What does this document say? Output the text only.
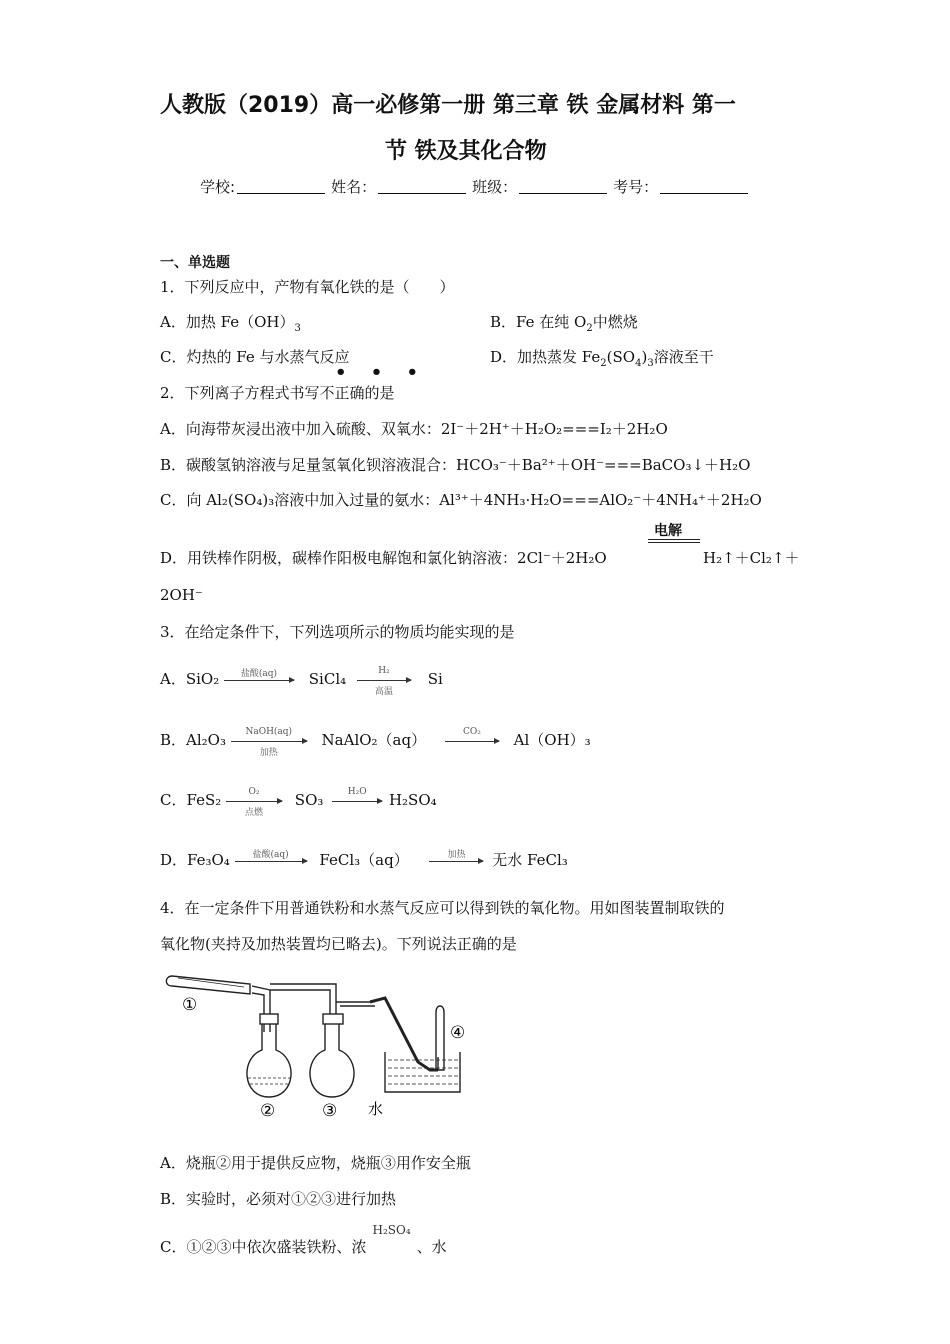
人教版（2019）高一必修第一册 第三章 铁 金属材料 第一
节 铁及其化合物
学校:	姓名：	班级：	考号：
一、单选题
1．下列反应中，产物有氧化铁的是（　　）
A．加热 $Fe(OH)_3$	B．Fe 在纯 $O_2$中燃烧
C．灼热的 Fe 与水蒸气反应	D．加热蒸发 $Fe_2(SO_4)_3$溶液至干
• • •
2．下列离子方程式书写不正确的是
A．向海带灰浸出液中加入硫酸、双氧水：2I⁻＋2H⁺＋H₂O₂===I₂＋2H₂O
B．碳酸氢钠溶液与足量氢氧化钡溶液混合：HCO₃⁻＋Ba²⁺＋OH⁻===BaCO₃↓＋H₂O
C．向 Al₂(SO₄)₃溶液中加入过量的氨水：Al³⁺＋4NH₃·H₂O===AlO₂⁻＋4NH₄⁺＋2H₂O
电解
D．用铁棒作阴极，碳棒作阳极电解饱和氯化钠溶液：2Cl⁻＋2H₂O	H₂↑＋Cl₂↑＋
2OH⁻
3．在给定条件下，下列选项所示的物质均能实现的是
A．SiO₂	盐酸(aq)	SiCl₄	H₂
高温
Si
B．Al₂O₃	NaOH(aq)
加热
NaAlO₂（aq）	CO₂	Al（OH）₃
C．FeS₂	O₂
点燃
SO₃	H₂O	H₂SO₄
D．Fe₃O₄	盐酸(aq)	FeCl₃（aq）	加热	无水 FeCl₃
4．在一定条件下用普通铁粉和水蒸气反应可以得到铁的氧化物。用如图装置制取铁的
氧化物(夹持及加热装置均已略去)。下列说法正确的是
①
②	③
④
水
A．烧瓶②用于提供反应物，烧瓶③用作安全瓶
B．实验时，必须对①②③进行加热
C．①②③中依次盛装铁粉、浓$^{H_2SO_4}$、水
